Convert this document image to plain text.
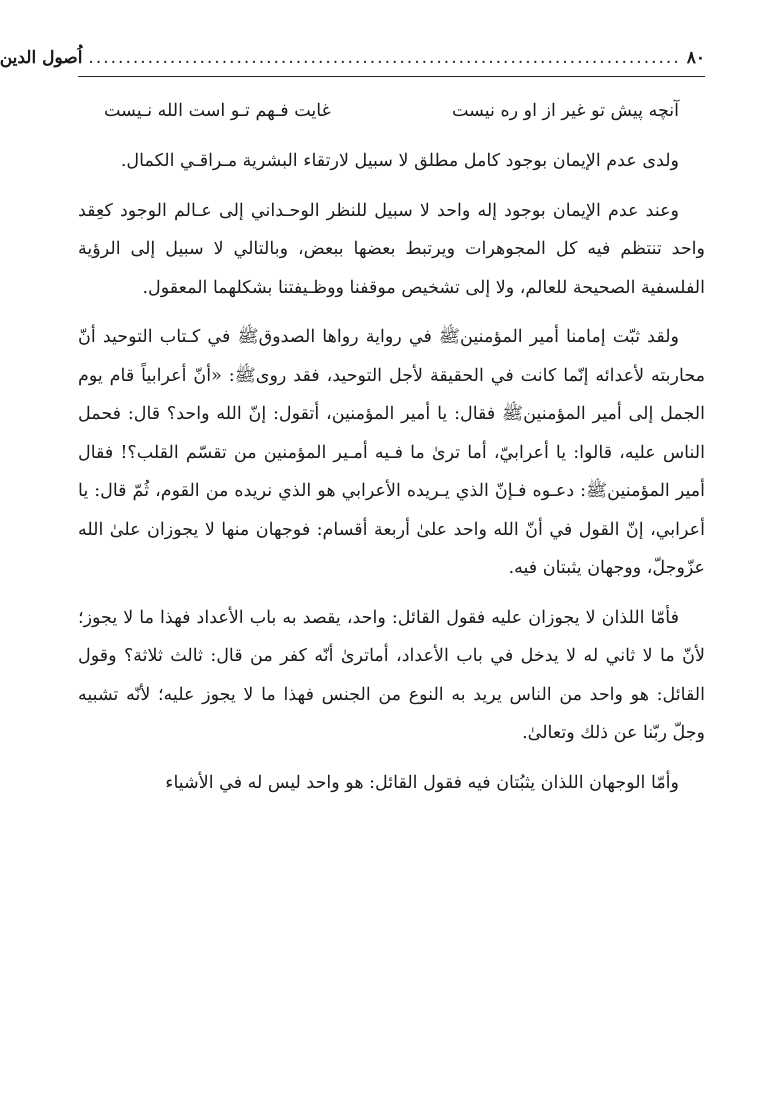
٨٠
................................................................................
اُصول الدين
آنچه پيش تو غير از او ره نيست
غايت فـهم تـو است الله نـيست

ولدى عدم الإيمان بوجود كامل مطلق لا سبيل لارتقاء البشرية مـراقـي الكمال.

وعند عدم الإيمان بوجود إله واحد لا سبيل للنظر الوحـداني إلى عـالم الوجود كعِقد واحد تنتظم فيه كل المجوهرات ويرتبط بعضها ببعض، وبالتالي لا سبيل إلى الرؤية الفلسفية الصحيحة للعالم، ولا إلى تشخيص موقفنا ووظـيفتنا بشكلهما المعقول.

ولقد ثبّت إمامنا أمير المؤمنين‌ﷺ في رواية رواها الصدوق‌ﷺ في كـتاب التوحيد أنّ محاربته لأعدائه إنّما كانت في الحقيقة لأجل التوحيد، فقد روى‌ﷺ: «أنّ أعرابياً قام يوم الجمل إلى أمير المؤمنين‌ﷺ فقال: يا أمير المؤمنين، أتقول: إنّ الله واحد؟ قال: فحمل الناس عليه، قالوا: يا أعرابيّ، أما ترىٰ ما فـيه أمـير المؤمنين من تقسّم القلب؟! فقال أمير المؤمنين‌ﷺ: دعـوه فـإنّ الذي يـريده الأعرابي هو الذي نريده من القوم، ثُمّ قال: يا أعرابي، إنّ القول في أنّ الله واحد علىٰ أربعة أقسام: فوجهان منها لا يجوزان علىٰ الله عزّوجلّ، ووجهان يثبتان فيه.

فأمّا اللذان لا يجوزان عليه فقول القائل: واحد، يقصد به باب الأعداد فهذا ما لا يجوز؛ لأنّ ما لا ثاني له لا يدخل في باب الأعداد، أماترىٰ أنّه كفر من قال: ثالث ثلاثة؟ وقول القائل: هو واحد من الناس يريد به النوع من الجنس فهذا ما لا يجوز عليه؛ لأنّه تشبيه وجلّ ربّنا عن ذلك وتعالىٰ.

وأمّا الوجهان اللذان يثبُتان فيه فقول القائل: هو واحد ليس له في الأشياء
